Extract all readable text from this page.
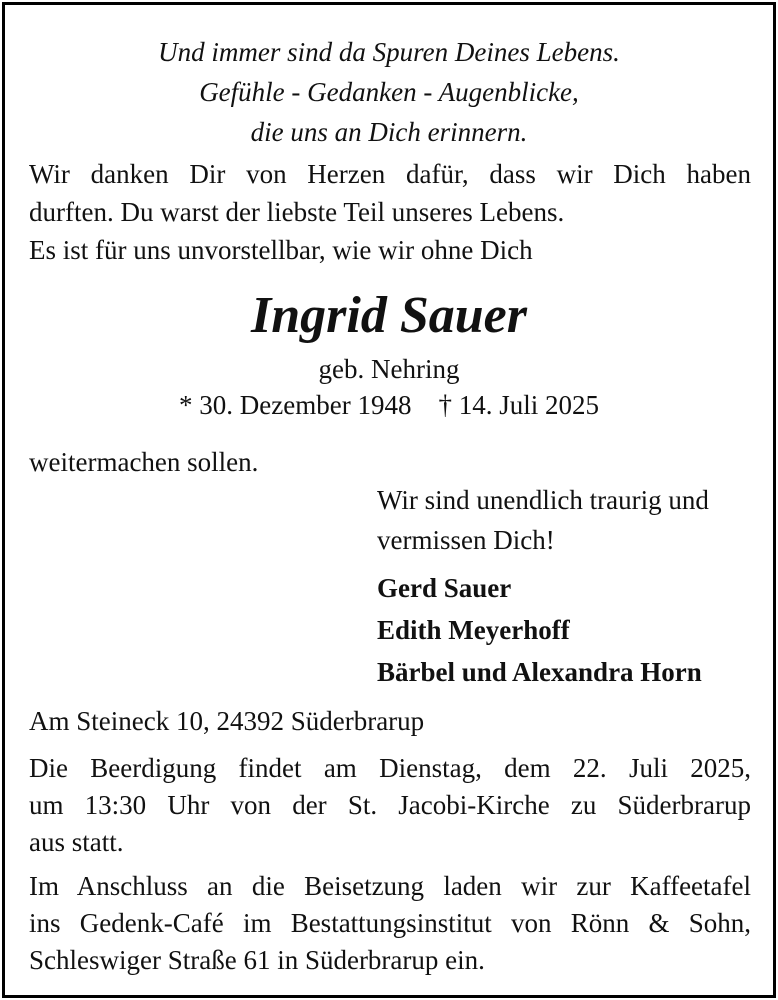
Und immer sind da Spuren Deines Lebens.
Gefühle - Gedanken - Augenblicke,
die uns an Dich erinnern.
Wir danken Dir von Herzen dafür, dass wir Dich haben
durften. Du warst der liebste Teil unseres Lebens.
Es ist für uns unvorstellbar, wie wir ohne Dich
Ingrid Sauer
geb. Nehring
* 30. Dezember 1948    † 14. Juli 2025
weitermachen sollen.
Wir sind unendlich traurig und
vermissen Dich!
Gerd Sauer
Edith Meyerhoff
Bärbel und Alexandra Horn
Am Steineck 10, 24392 Süderbrarup
Die Beerdigung findet am Dienstag, dem 22. Juli 2025,
um 13:30 Uhr von der St. Jacobi-Kirche zu Süderbrarup
aus statt.
Im Anschluss an die Beisetzung laden wir zur Kaffeetafel
ins Gedenk-Café im Bestattungsinstitut von Rönn & Sohn,
Schleswiger Straße 61 in Süderbrarup ein.
